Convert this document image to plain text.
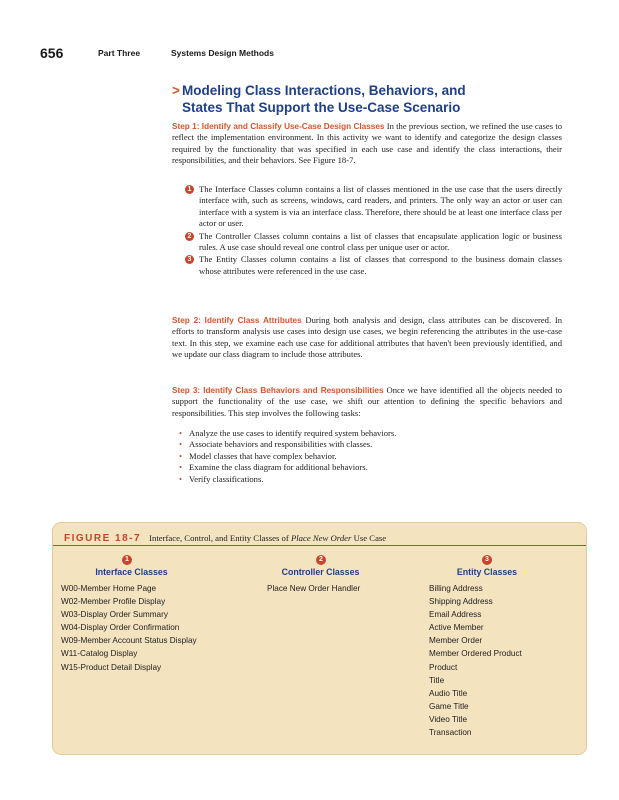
656	Part Three	Systems Design Methods
> Modeling Class Interactions, Behaviors, and
States That Support the Use-Case Scenario
Step 1: Identify and Classify Use-Case Design Classes In the previous section, we refined the use cases to reflect the implementation environment. In this activity we want to identify and categorize the design classes required by the functionality that was specified in each use case and identify the class interactions, their responsibilities, and their behaviors. See Figure 18-7.
1 The Interface Classes column contains a list of classes mentioned in the use case that the users directly interface with, such as screens, windows, card readers, and printers. The only way an actor or user can interface with a system is via an interface class. Therefore, there should be at least one interface class per actor or user.
2 The Controller Classes column contains a list of classes that encapsulate application logic or business rules. A use case should reveal one control class per unique user or actor.
3 The Entity Classes column contains a list of classes that correspond to the business domain classes whose attributes were referenced in the use case.
Step 2: Identify Class Attributes During both analysis and design, class attributes can be discovered. In efforts to transform analysis use cases into design use cases, we begin referencing the attributes in the use-case text. In this step, we examine each use case for additional attributes that haven't been previously identified, and we update our class diagram to include those attributes.
Step 3: Identify Class Behaviors and Responsibilities Once we have identified all the objects needed to support the functionality of the use case, we shift our attention to defining the specific behaviors and responsibilities. This step involves the following tasks:
• Analyze the use cases to identify required system behaviors.
• Associate behaviors and responsibilities with classes.
• Model classes that have complex behavior.
• Examine the class diagram for additional behaviors.
• Verify classifications.
FIGURE 18-7 Interface, Control, and Entity Classes of Place New Order Use Case
1
Interface Classes
W00-Member Home Page
W02-Member Profile Display
W03-Display Order Summary
W04-Display Order Confirmation
W09-Member Account Status Display
W11-Catalog Display
W15-Product Detail Display
2
Controller Classes
Place New Order Handler
3
Entity Classes
Billing Address
Shipping Address
Email Address
Active Member
Member Order
Member Ordered Product
Product
Title
Audio Title
Game Title
Video Title
Transaction
